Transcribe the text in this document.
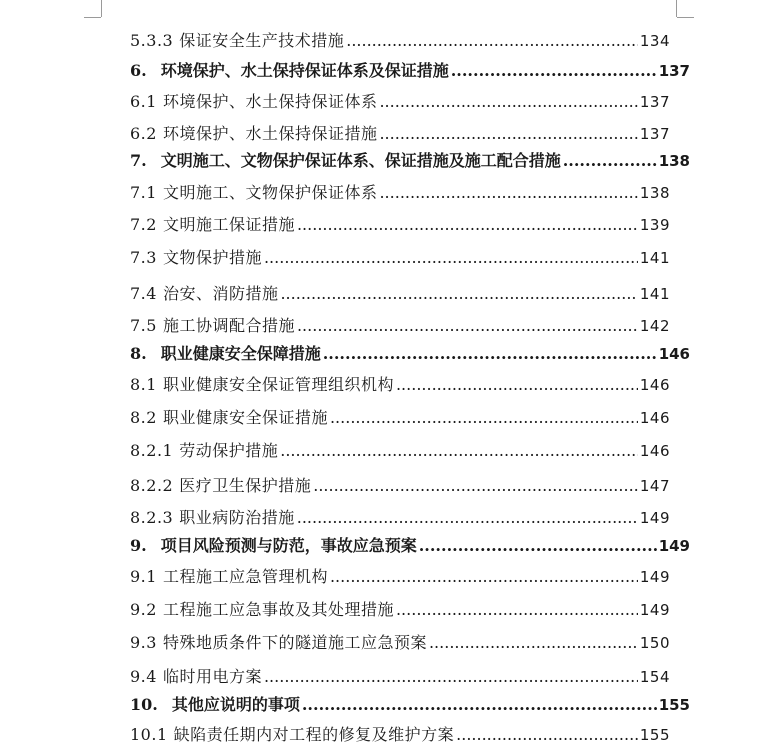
5.3.3 保证安全生产技术措施 .....	134
6. 环境保护、水土保持保证体系及保证措施 .....	137
6.1 环境保护、水土保持保证体系 .....	137
6.2 环境保护、水土保持保证措施 .....	137
7. 文明施工、文物保护保证体系、保证措施及施工配合措施 .....	138
7.1 文明施工、文物保护保证体系 .....	138
7.2 文明施工保证措施 .....	139
7.3 文物保护措施 .....	141
7.4 治安、消防措施 .....	141
7.5 施工协调配合措施 .....	142
8. 职业健康安全保障措施 .....	146
8.1 职业健康安全保证管理组织机构 .....	146
8.2 职业健康安全保证措施 .....	146
8.2.1 劳动保护措施 .....	146
8.2.2 医疗卫生保护措施 .....	147
8.2.3 职业病防治措施 .....	149
9. 项目风险预测与防范，事故应急预案 .....	149
9.1 工程施工应急管理机构 .....	149
9.2 工程施工应急事故及其处理措施 .....	149
9.3 特殊地质条件下的隧道施工应急预案 .....	150
9.4 临时用电方案 .....	154
10. 其他应说明的事项 .....	155
10.1 缺陷责任期内对工程的修复及维护方案 .....	155
